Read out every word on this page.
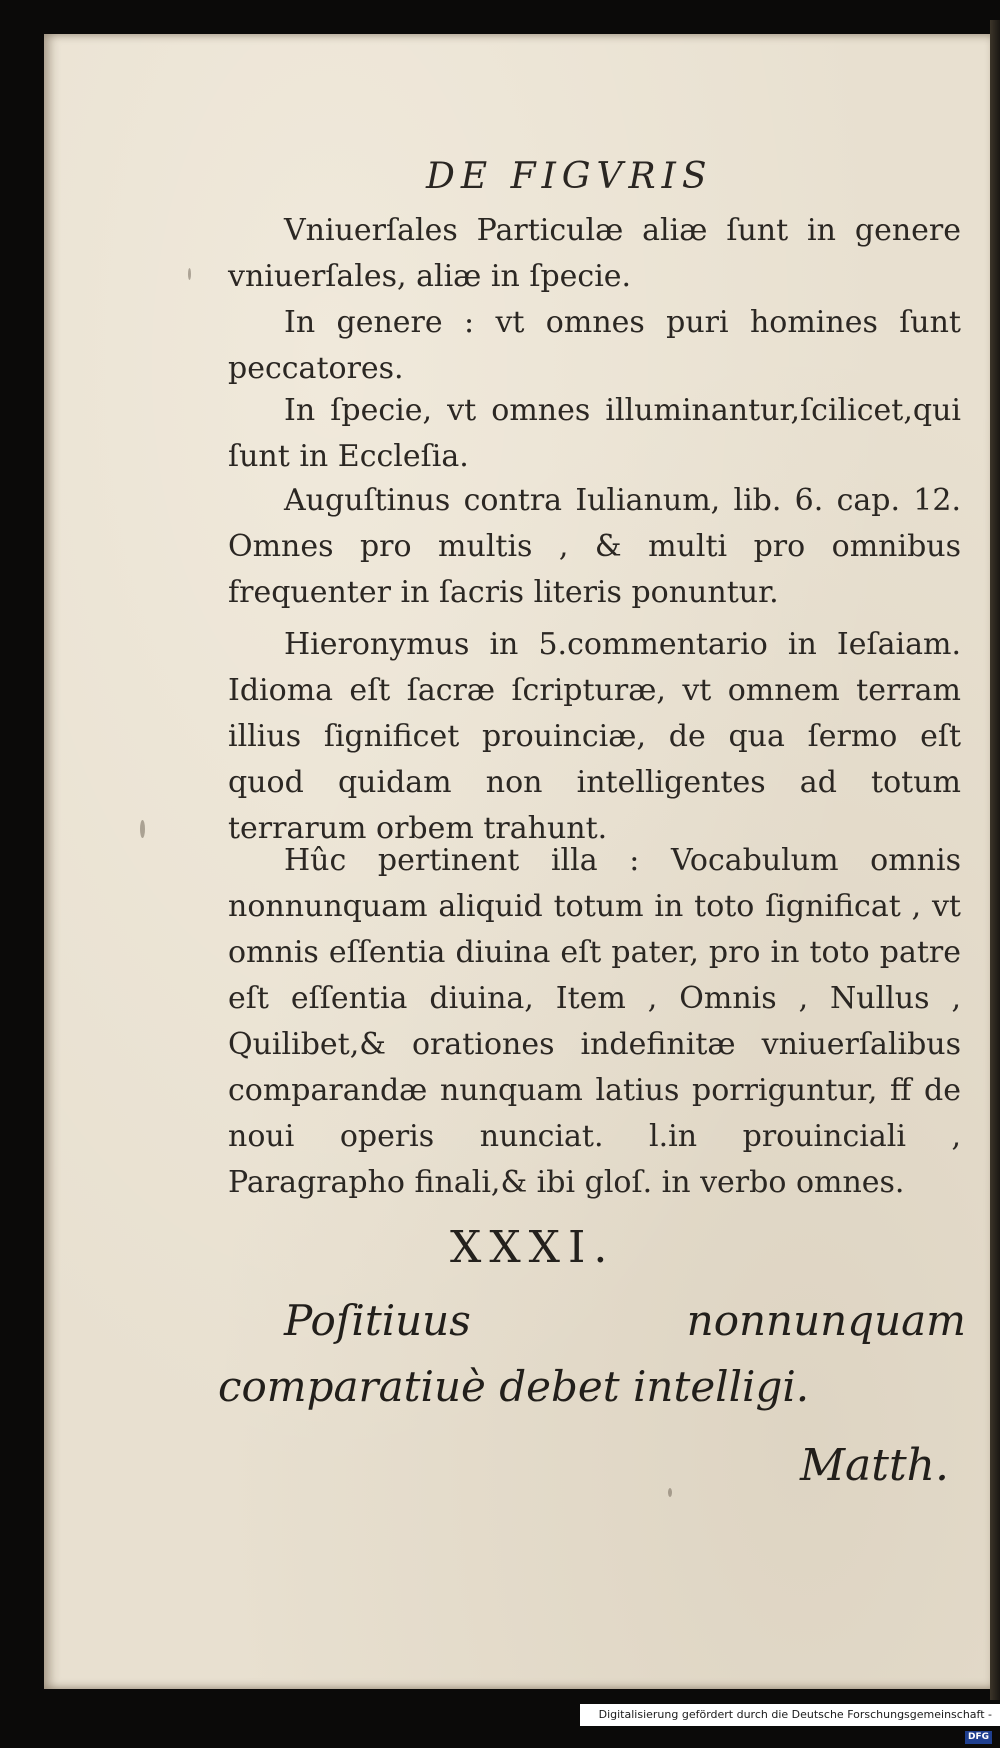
DE FIGVRIS
Vniuerſales Particulæ aliæ ſunt in genere vniuerſales, aliæ in ſpecie.
In genere : vt omnes puri homines ſunt peccatores.
In ſpecie, vt omnes illuminantur,ſcilicet,qui ſunt in Eccleſia.
Auguſtinus contra Iulianum, lib. 6. cap. 12. Omnes pro multis , & multi pro omnibus frequenter in ſacris literis ponuntur.
Hieronymus in 5.commentario in Ieſaiam. Idioma eſt ſacræ ſcripturæ, vt omnem terram illius ſignificet prouinciæ, de qua ſermo eſt quod quidam non intelligentes ad totum terrarum orbem trahunt.
Hûc pertinent illa : Vocabulum omnis nonnunquam aliquid totum in toto ſignificat , vt omnis eſſentia diuina eſt pater, pro in toto patre eſt eſſentia diuina, Item , Omnis , Nullus , Quilibet,& orationes indefinitæ vniuerſalibus comparandæ nunquam latius porriguntur, ff de noui operis nunciat. l.in prouinciali , Paragrapho finali,& ibi gloſ. in verbo omnes.
XXXI.
Poſitiuus nonnunquam comparatiuè debet intelligi.
Matth.
Digitalisierung gefördert durch die Deutsche Forschungsgemeinschaft -DFG
